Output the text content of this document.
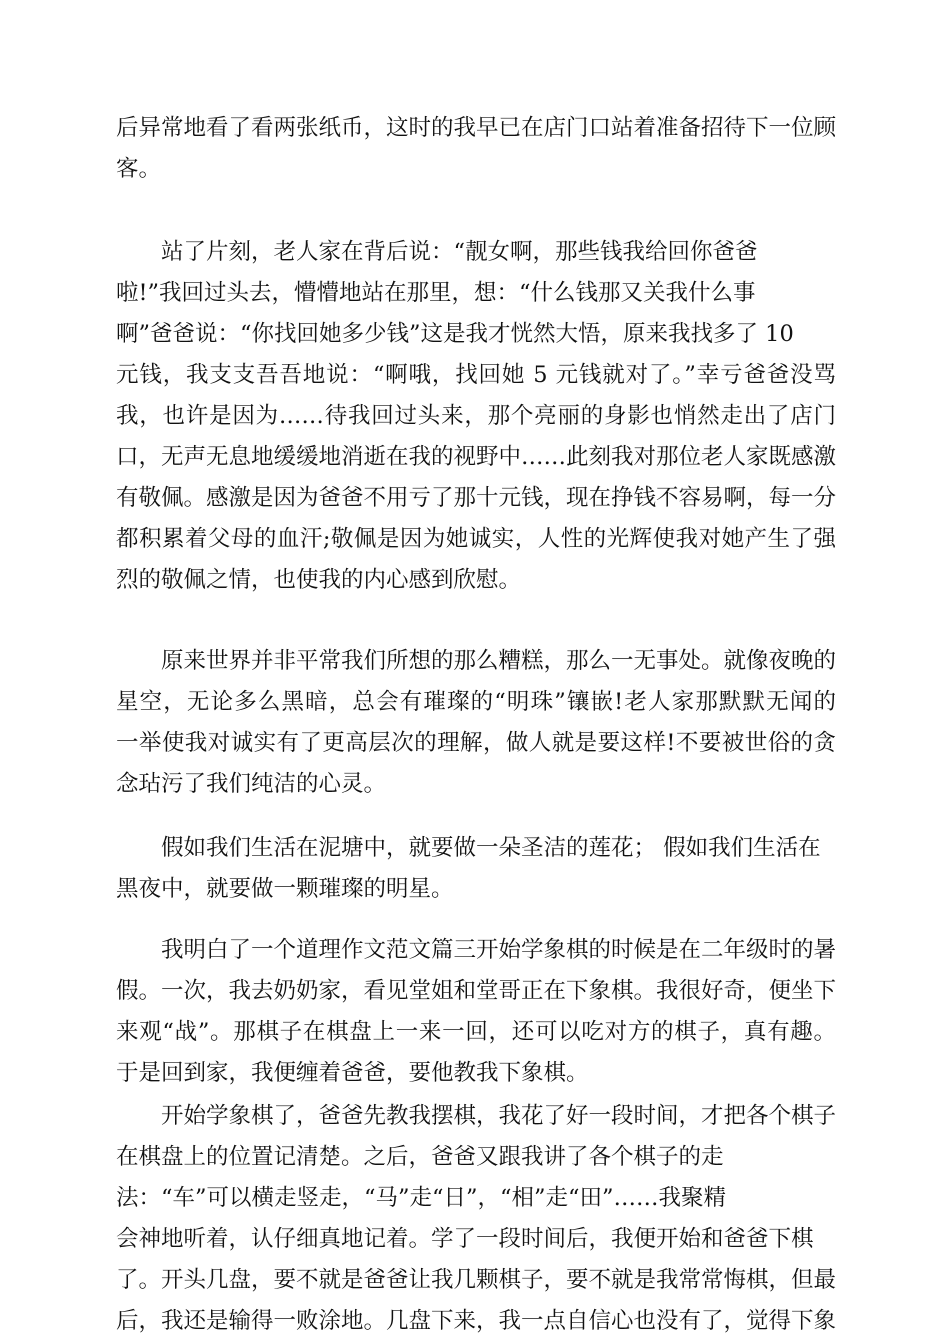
后异常地看了看两张纸币，这时的我早已在店门口站着准备招待下一位顾
客。
站了片刻，老人家在背后说：“靓女啊，那些钱我给回你爸爸
啦!”我回过头去，懵懵地站在那里，想：“什么钱那又关我什么事
啊”爸爸说：“你找回她多少钱”这是我才恍然大悟，原来我找多了 10
元钱，我支支吾吾地说：“啊哦，找回她 5 元钱就对了。”幸亏爸爸没骂
我，也许是因为……待我回过头来，那个亮丽的身影也悄然走出了店门
口，无声无息地缓缓地消逝在我的视野中……此刻我对那位老人家既感激
有敬佩。感激是因为爸爸不用亏了那十元钱，现在挣钱不容易啊，每一分
都积累着父母的血汗;敬佩是因为她诚实，人性的光辉使我对她产生了强
烈的敬佩之情，也使我的内心感到欣慰。
原来世界并非平常我们所想的那么糟糕，那么一无事处。就像夜晚的
星空，无论多么黑暗，总会有璀璨的“明珠”镶嵌!老人家那默默无闻的
一举使我对诚实有了更高层次的理解，做人就是要这样!不要被世俗的贪
念玷污了我们纯洁的心灵。
假如我们生活在泥塘中，就要做一朵圣洁的莲花； 假如我们生活在
黑夜中，就要做一颗璀璨的明星。
我明白了一个道理作文范文篇三开始学象棋的时候是在二年级时的暑
假。一次，我去奶奶家，看见堂姐和堂哥正在下象棋。我很好奇，便坐下
来观“战”。那棋子在棋盘上一来一回，还可以吃对方的棋子，真有趣。
于是回到家，我便缠着爸爸，要他教我下象棋。
开始学象棋了，爸爸先教我摆棋，我花了好一段时间，才把各个棋子
在棋盘上的位置记清楚。之后，爸爸又跟我讲了各个棋子的走
法：“车”可以横走竖走，“马”走“日”，“相”走“田”……我聚精
会神地听着，认仔细真地记着。学了一段时间后，我便开始和爸爸下棋
了。开头几盘，要不就是爸爸让我几颗棋子，要不就是我常常悔棋，但最
后，我还是输得一败涂地。几盘下来，我一点自信心也没有了，觉得下象
